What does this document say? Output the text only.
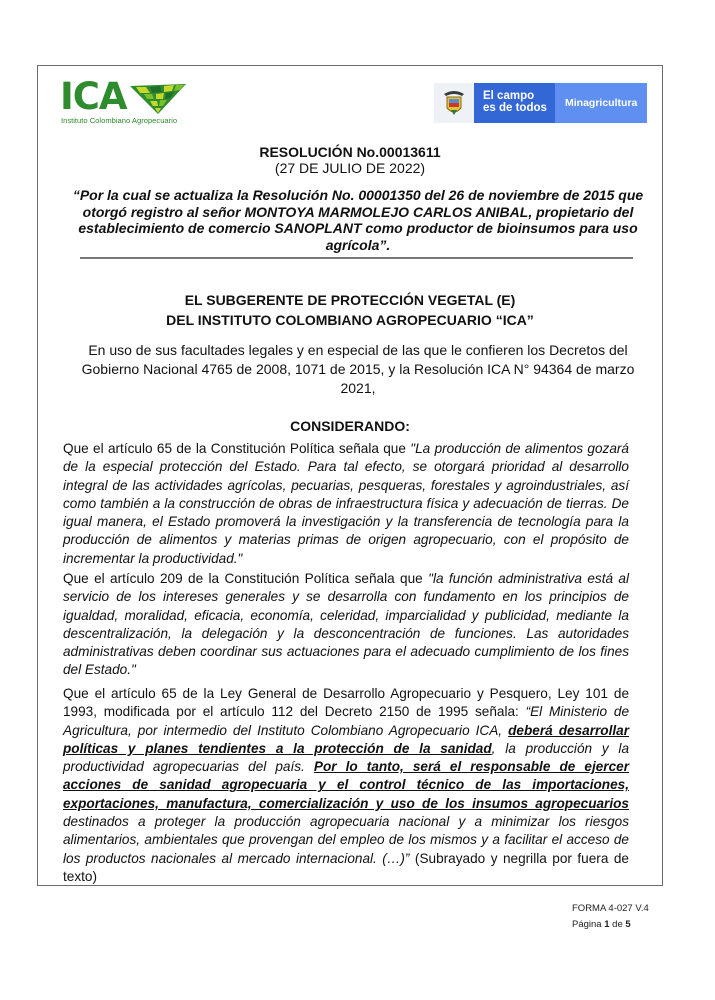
ICA
Instituto Colombiano Agropecuario
El campo
es de todos	Minagricultura
RESOLUCIÓN No.00013611
(27 DE JULIO DE 2022)
“Por la cual se actualiza la Resolución No. 00001350 del 26 de noviembre de 2015 que otorgó registro al señor MONTOYA MARMOLEJO CARLOS ANIBAL, propietario del establecimiento de comercio SANOPLANT como productor de bioinsumos para uso agrícola”.
EL SUBGERENTE DE PROTECCIÓN VEGETAL (E)
DEL INSTITUTO COLOMBIANO AGROPECUARIO “ICA”
En uso de sus facultades legales y en especial de las que le confieren los Decretos del Gobierno Nacional 4765 de 2008, 1071 de 2015, y la Resolución ICA N° 94364 de marzo 2021,
CONSIDERANDO:
Que el artículo 65 de la Constitución Política señala que "La producción de alimentos gozará de la especial protección del Estado. Para tal efecto, se otorgará prioridad al desarrollo integral de las actividades agrícolas, pecuarias, pesqueras, forestales y agroindustriales, así como también a la construcción de obras de infraestructura física y adecuación de tierras. De igual manera, el Estado promoverá la investigación y la transferencia de tecnología para la producción de alimentos y materias primas de origen agropecuario, con el propósito de incrementar la productividad."
Que el artículo 209 de la Constitución Política señala que "la función administrativa está al servicio de los intereses generales y se desarrolla con fundamento en los principios de igualdad, moralidad, eficacia, economía, celeridad, imparcialidad y publicidad, mediante la descentralización, la delegación y la desconcentración de funciones. Las autoridades administrativas deben coordinar sus actuaciones para el adecuado cumplimiento de los fines del Estado."
Que el artículo 65 de la Ley General de Desarrollo Agropecuario y Pesquero, Ley 101 de 1993, modificada por el artículo 112 del Decreto 2150 de 1995 señala: “El Ministerio de Agricultura, por intermedio del Instituto Colombiano Agropecuario ICA, deberá desarrollar políticas y planes tendientes a la protección de la sanidad, la producción y la productividad agropecuarias del país. Por lo tanto, será el responsable de ejercer acciones de sanidad agropecuaria y el control técnico de las importaciones, exportaciones, manufactura, comercialización y uso de los insumos agropecuarios destinados a proteger la producción agropecuaria nacional y a minimizar los riesgos alimentarios, ambientales que provengan del empleo de los mismos y a facilitar el acceso de los productos nacionales al mercado internacional. (…)” (Subrayado y negrilla por fuera de texto)
FORMA 4-027 V.4
Página 1 de 5
